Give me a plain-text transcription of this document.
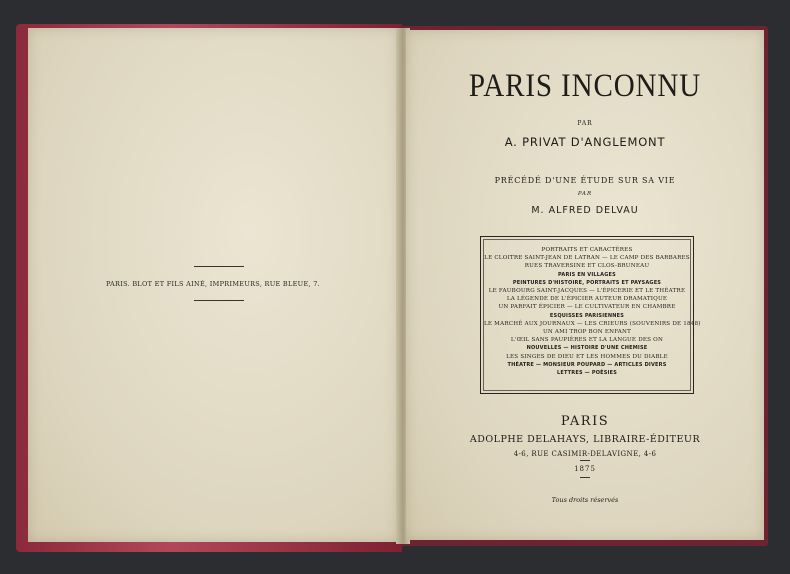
PARIS. BLOT ET FILS AINÉ, IMPRIMEURS, RUE BLEUE, 7.
PARIS INCONNU
PAR
A. PRIVAT D'ANGLEMONT
PRÉCÉDÉ D'UNE ÉTUDE SUR SA VIE
PAR
M. ALFRED DELVAU
PORTRAITS ET CARACTÈRES
LE CLOITRE SAINT-JEAN DE LATRAN — LE CAMP DES BARBARES
RUES TRAVERSINE ET CLOS-BRUNEAU
PARIS EN VILLAGES
PEINTURES D'HISTOIRE, PORTRAITS ET PAYSAGES
LE FAUBOURG SAINT-JACQUES — L'ÉPICERIE ET LE THÉATRE
LA LÉGENDE DE L'ÉPICIER AUTEUR DRAMATIQUE
UN PARFAIT ÉPICIER — LE CULTIVATEUR EN CHAMBRE
ESQUISSES PARISIENNES
LE MARCHÉ AUX JOURNAUX — LES CRIEURS (SOUVENIRS DE 1848)
UN AMI TROP BON ENFANT
L'ŒIL SANS PAUPIÈRES ET LA LANGUE DES ON
NOUVELLES — HISTOIRE D'UNE CHEMISE
LES SINGES DE DIEU ET LES HOMMES DU DIABLE
THÉATRE — MONSIEUR POUPARD — ARTICLES DIVERS
LETTRES — POÉSIES
PARIS
ADOLPHE DELAHAYS, LIBRAIRE-ÉDITEUR
4-6, RUE CASIMIR-DELAVIGNE, 4-6
1875
Tous droits réservés
